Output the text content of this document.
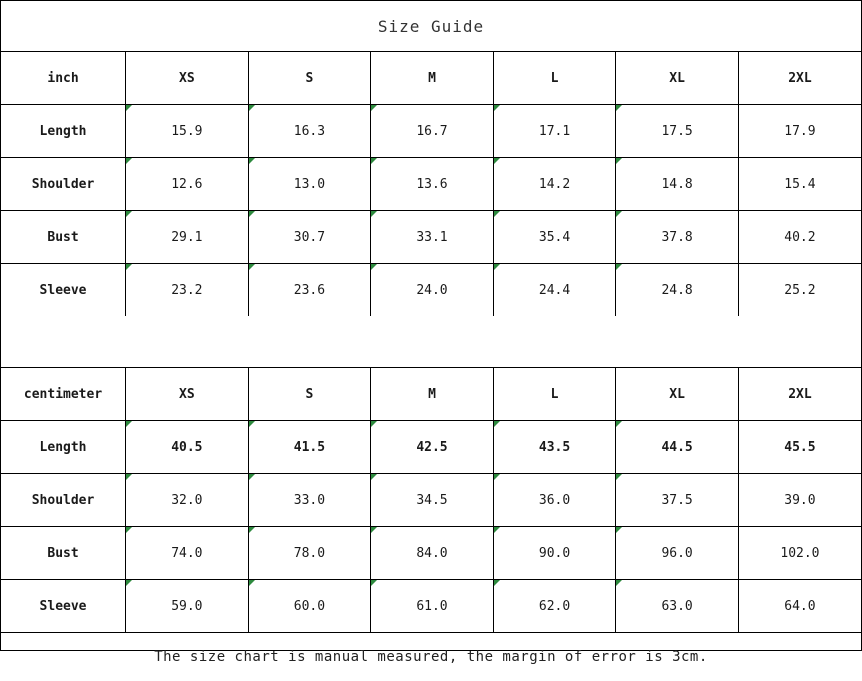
Size Guide
inch	XS	S	M	L	XL	2XL
Length	15.9	16.3	16.7	17.1	17.5	17.9
Shoulder	12.6	13.0	13.6	14.2	14.8	15.4
Bust	29.1	30.7	33.1	35.4	37.8	40.2
Sleeve	23.2	23.6	24.0	24.4	24.8	25.2
centimeter	XS	S	M	L	XL	2XL
Length	40.5	41.5	42.5	43.5	44.5	45.5
Shoulder	32.0	33.0	34.5	36.0	37.5	39.0
Bust	74.0	78.0	84.0	90.0	96.0	102.0
Sleeve	59.0	60.0	61.0	62.0	63.0	64.0
The size chart is manual measured, the margin of error is 3cm.
